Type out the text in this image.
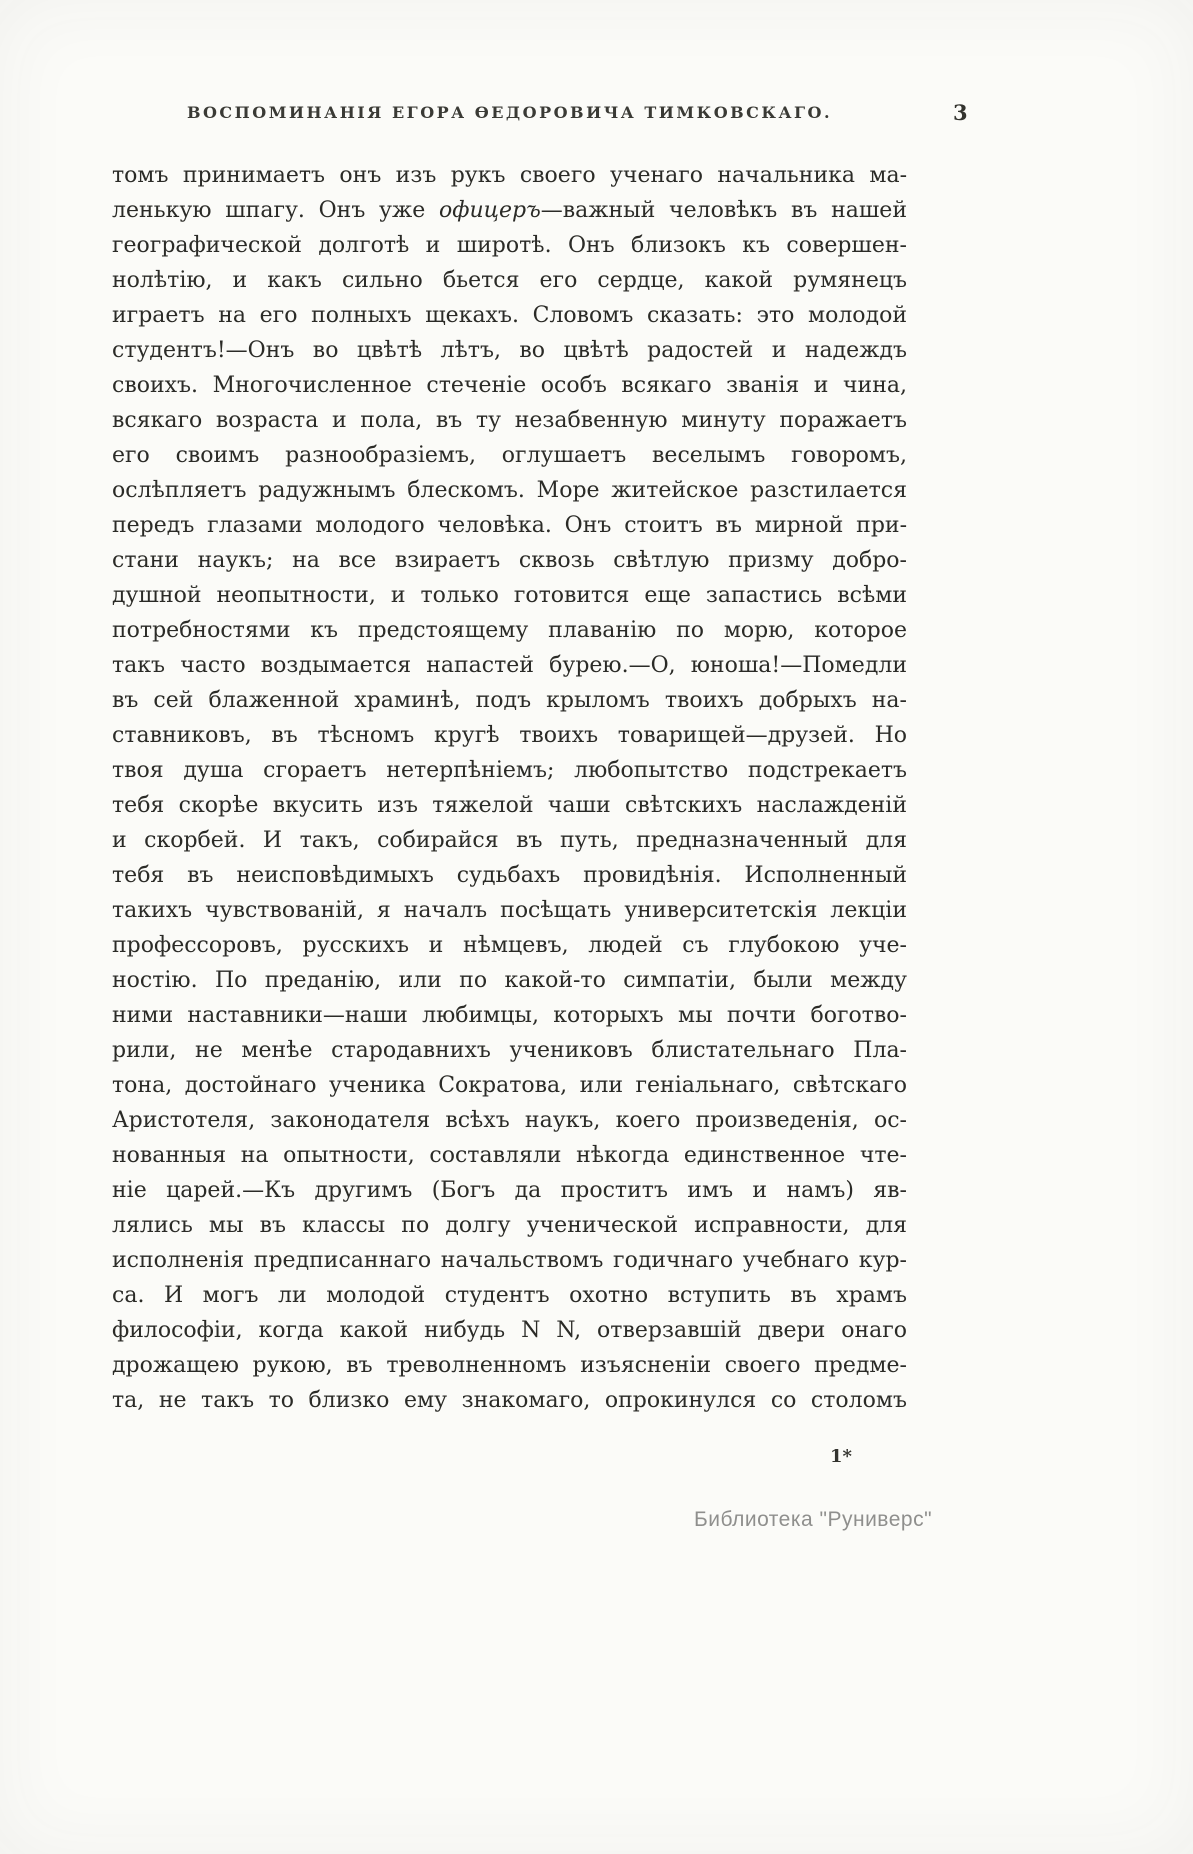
ВОСПОМИНАНІЯ ЕГОРА ѲЕДОРОВИЧА ТИМКОВСКАГО.	3
томъ принимаетъ онъ изъ рукъ своего ученаго начальника ма-
ленькую шпагу. Онъ уже офицеръ—важный человѣкъ въ нашей
географической долготѣ и широтѣ. Онъ близокъ къ совершен-
нолѣтію, и какъ сильно бьется его сердце, какой румянецъ
играетъ на его полныхъ щекахъ. Словомъ сказать: это молодой
студентъ!—Онъ во цвѣтѣ лѣтъ, во цвѣтѣ радостей и надеждъ
своихъ. Многочисленное стеченіе особъ всякаго званія и чина,
всякаго возраста и пола, въ ту незабвенную минуту поражаетъ
его своимъ разнообразіемъ, оглушаетъ веселымъ говоромъ,
ослѣпляетъ радужнымъ блескомъ. Море житейское разстилается
передъ глазами молодого человѣка. Онъ стоитъ въ мирной при-
стани наукъ; на все взираетъ сквозь свѣтлую призму добро-
душной неопытности, и только готовится еще запастись всѣми
потребностями къ предстоящему плаванію по морю, которое
такъ часто воздымается напастей бурею.—О, юноша!—Помедли
въ сей блаженной храминѣ, подъ крыломъ твоихъ добрыхъ на-
ставниковъ, въ тѣсномъ кругѣ твоихъ товарищей—друзей. Но
твоя душа сгораетъ нетерпѣніемъ; любопытство подстрекаетъ
тебя скорѣе вкусить изъ тяжелой чаши свѣтскихъ наслажденій
и скорбей. И такъ, собирайся въ путь, предназначенный для
тебя въ неисповѣдимыхъ судьбахъ провидѣнія. Исполненный
такихъ чувствованій, я началъ посѣщать университетскія лекціи
профессоровъ, русскихъ и нѣмцевъ, людей съ глубокою уче-
ностію. По преданію, или по какой-то симпатіи, были между
ними наставники—наши любимцы, которыхъ мы почти боготво-
рили, не менѣе стародавнихъ учениковъ блистательнаго Пла-
тона, достойнаго ученика Сократова, или геніальнаго, свѣтскаго
Аристотеля, законодателя всѣхъ наукъ, коего произведенія, ос-
нованныя на опытности, составляли нѣкогда единственное чте-
ніе царей.—Къ другимъ (Богъ да проститъ имъ и намъ) яв-
лялись мы въ классы по долгу ученической исправности, для
исполненія предписаннаго начальствомъ годичнаго учебнаго кур-
са. И могъ ли молодой студентъ охотно вступить въ храмъ
философіи, когда какой нибудь N N, отверзавшій двери онаго
дрожащею рукою, въ треволненномъ изъясненіи своего предме-
та, не такъ то близко ему знакомаго, опрокинулся со столомъ
1*
Библиотека "Руниверс"
